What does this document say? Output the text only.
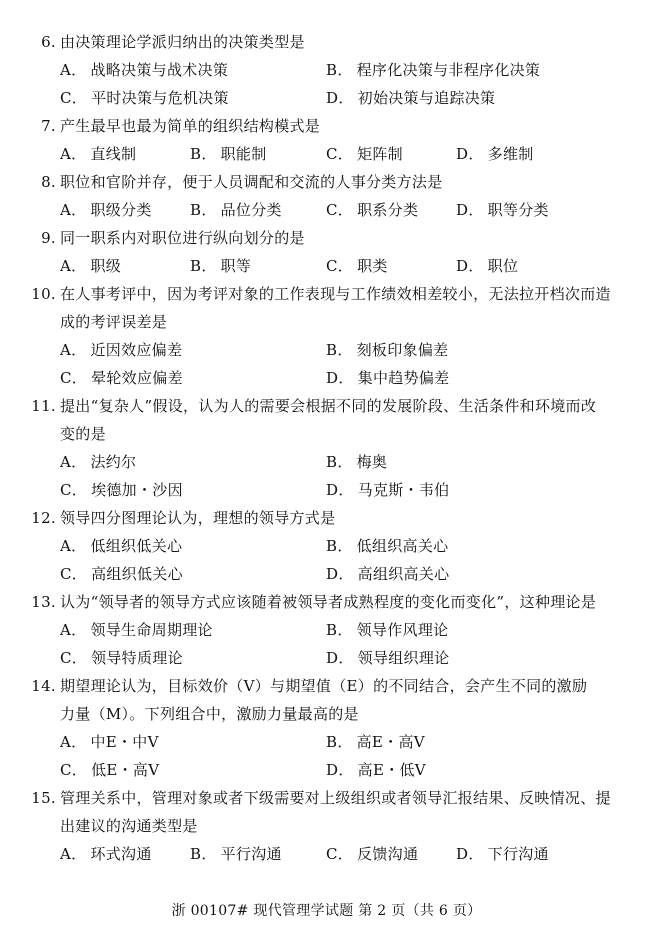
6. 由决策理论学派归纳出的决策类型是
A． 战略决策与战术决策	B． 程序化决策与非程序化决策
C． 平时决策与危机决策	D． 初始决策与追踪决策
7. 产生最早也最为简单的组织结构模式是
A． 直线制	B． 职能制	C． 矩阵制	D． 多维制
8. 职位和官阶并存，便于人员调配和交流的人事分类方法是
A． 职级分类	B． 品位分类	C． 职系分类	D． 职等分类
9. 同一职系内对职位进行纵向划分的是
A． 职级	B． 职等	C． 职类	D． 职位
10. 在人事考评中，因为考评对象的工作表现与工作绩效相差较小，无法拉开档次而造
成的考评误差是
A． 近因效应偏差	B． 刻板印象偏差
C． 晕轮效应偏差	D． 集中趋势偏差
11. 提出“复杂人”假设，认为人的需要会根据不同的发展阶段、生活条件和环境而改
变的是
A． 法约尔	B． 梅奥
C． 埃德加・沙因	D． 马克斯・韦伯
12. 领导四分图理论认为，理想的领导方式是
A． 低组织低关心	B． 低组织高关心
C． 高组织低关心	D． 高组织高关心
13. 认为“领导者的领导方式应该随着被领导者成熟程度的变化而变化”，这种理论是
A． 领导生命周期理论	B． 领导作风理论
C． 领导特质理论	D． 领导组织理论
14. 期望理论认为，目标效价（V）与期望值（E）的不同结合，会产生不同的激励
力量（M）。下列组合中，激励力量最高的是
A． 中E・中V	B． 高E・高V
C． 低E・高V	D． 高E・低V
15. 管理关系中，管理对象或者下级需要对上级组织或者领导汇报结果、反映情况、提
出建议的沟通类型是
A． 环式沟通	B． 平行沟通	C． 反馈沟通	D． 下行沟通
浙 00107# 现代管理学试题 第 2 页（共 6 页）
